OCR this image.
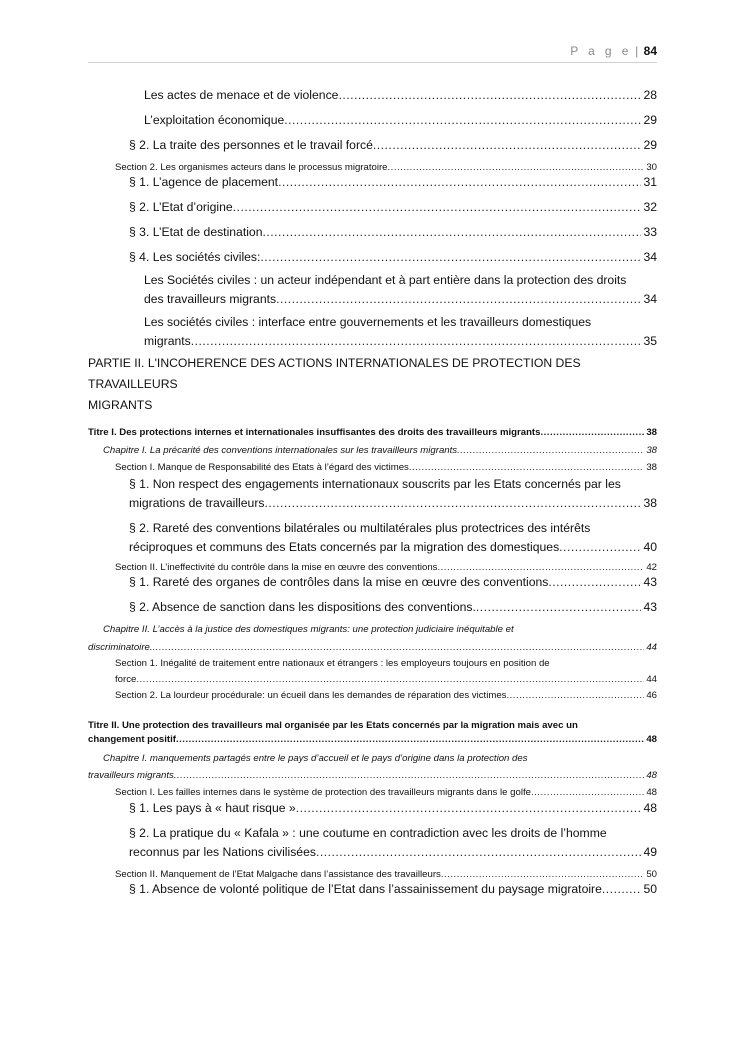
P a g e | 84
Les actes de menace et de violence .....	28
L’exploitation économique .....	29
§ 2. La traite des personnes et le travail forcé .....	29
Section 2. Les organismes acteurs dans le processus migratoire .....	30
§ 1. L’agence de placement .....	31
§ 2. L’Etat d’origine .....	32
§ 3. L’Etat de destination .....	33
§ 4. Les sociétés civiles: .....	34
Les Sociétés civiles : un acteur indépendant et à part entière dans la protection des droits
des travailleurs migrants .....	34
Les sociétés civiles : interface entre gouvernements et les travailleurs domestiques
migrants .....	35
PARTIE II. L'INCOHERENCE DES ACTIONS INTERNATIONALES DE PROTECTION DES TRAVAILLEURS
MIGRANTS
Titre I. Des protections internes et internationales insuffisantes des droits des travailleurs migrants .....	38
Chapitre I. La précarité des conventions internationales sur les travailleurs migrants .....	38
Section I. Manque de Responsabilité des Etats à l’égard des victimes .....	38
§ 1. Non respect des engagements internationaux souscrits par les Etats concernés par les
migrations de travailleurs .....	38
§ 2. Rareté des conventions bilatérales ou multilatérales plus protectrices des intérêts
réciproques et communs des Etats concernés par la migration des domestiques .....	40
Section II. L’ineffectivité du contrôle dans la mise en œuvre des conventions .....	42
§ 1. Rareté des organes de contrôles dans la mise en œuvre des conventions .....	43
§ 2. Absence de sanction dans les dispositions des conventions. .....	43
Chapitre II. L’accès à la justice des domestiques migrants: une protection judiciaire inéquitable et
discriminatoire. .....	44
Section 1. Inégalité de traitement entre nationaux et étrangers : les employeurs toujours en position de
force .....	44
Section 2. La lourdeur procédurale: un écueil dans les demandes de réparation des victimes .....	46
Titre II. Une protection des travailleurs mal organisée par les Etats concernés par la migration mais avec un
changement positif .....	48
Chapitre I. manquements partagés entre le pays d’accueil et le pays d’origine dans la protection des
travailleurs migrants .....	48
Section I. Les failles internes dans le système de protection des travailleurs migrants dans le golfe .....	48
§ 1. Les pays à « haut risque » .....	48
§ 2. La pratique du « Kafala » : une coutume en contradiction avec les droits de l’homme
reconnus par les Nations civilisées .....	49
Section II. Manquement de l’Etat Malgache dans l’assistance des travailleurs .....	50
§ 1. Absence de volonté politique de l’Etat dans l’assainissement du paysage migratoire .....	50
